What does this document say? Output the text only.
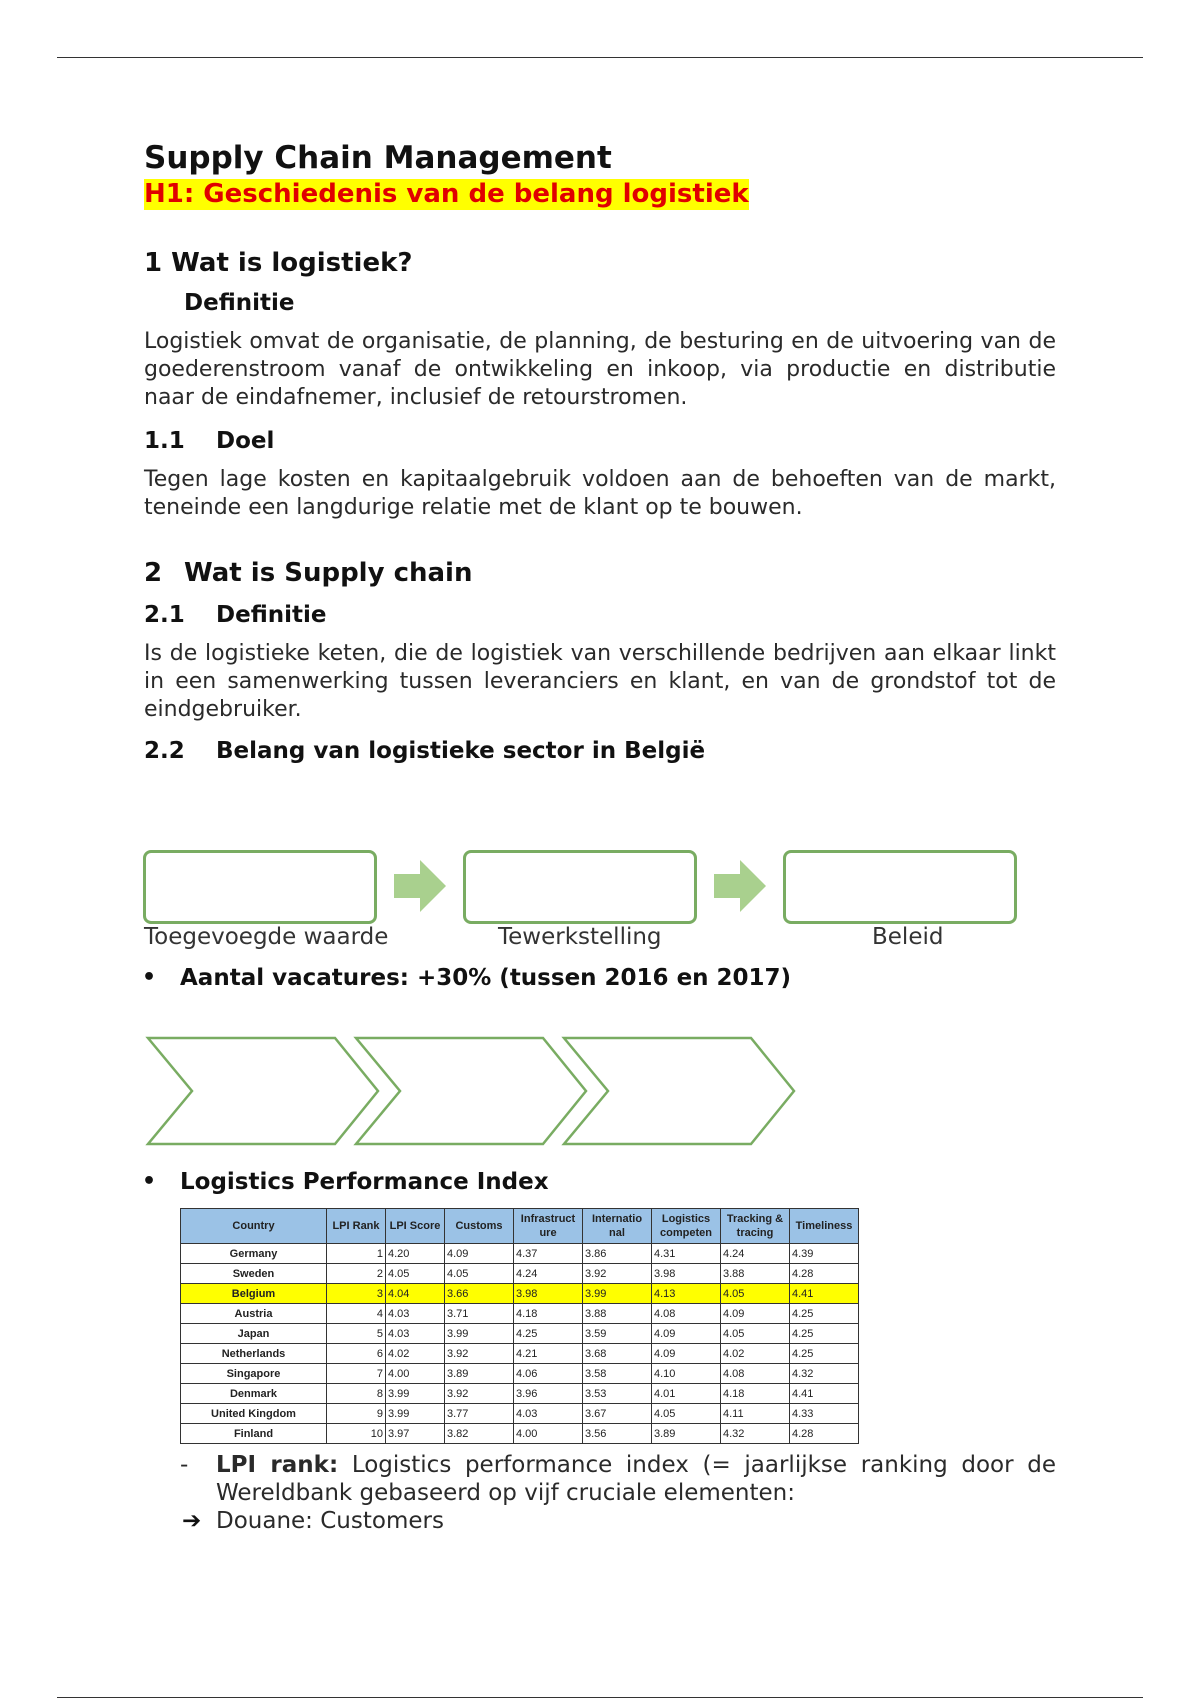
Supply Chain Management
H1: Geschiedenis van de belang logistiek
1 Wat is logistiek?
Definitie

Logistiek omvat de organisatie, de planning, de besturing en de uitvoering van de goederenstroom vanaf de ontwikkeling en inkoop, via productie en distributie naar de eindafnemer, inclusief de retourstromen.

1.1 Doel

Tegen lage kosten en kapitaalgebruik voldoen aan de behoeften van de markt, teneinde een langdurige relatie met de klant op te bouwen.

2 Wat is Supply chain
2.1 Definitie

Is de logistieke keten, die de logistiek van verschillende bedrijven aan elkaar linkt in een samenwerking tussen leveranciers en klant, en van de grondstof tot de eindgebruiker.

2.2 Belang van logistieke sector in België
Toegevoegde waarde	Tewerkstelling	Beleid
• Aantal vacatures: +30% (tussen 2016 en 2017)
• Logistics Performance Index
Country	LPI Rank	LPI Score	Customs	Infrastruct ure	Internatio nal	Logistics competen	Tracking & tracing	Timeliness
Germany	1	4.20	4.09	4.37	3.86	4.31	4.24	4.39
Sweden	2	4.05	4.05	4.24	3.92	3.98	3.88	4.28
Belgium	3	4.04	3.66	3.98	3.99	4.13	4.05	4.41
Austria	4	4.03	3.71	4.18	3.88	4.08	4.09	4.25
Japan	5	4.03	3.99	4.25	3.59	4.09	4.05	4.25
Netherlands	6	4.02	3.92	4.21	3.68	4.09	4.02	4.25
Singapore	7	4.00	3.89	4.06	3.58	4.10	4.08	4.32
Denmark	8	3.99	3.92	3.96	3.53	4.01	4.18	4.41
United Kingdom	9	3.99	3.77	4.03	3.67	4.05	4.11	4.33
Finland	10	3.97	3.82	4.00	3.56	3.89	4.32	4.28
- LPI rank: Logistics performance index (= jaarlijkse ranking door de Wereldbank gebaseerd op vijf cruciale elementen:
➔ Douane: Customers
